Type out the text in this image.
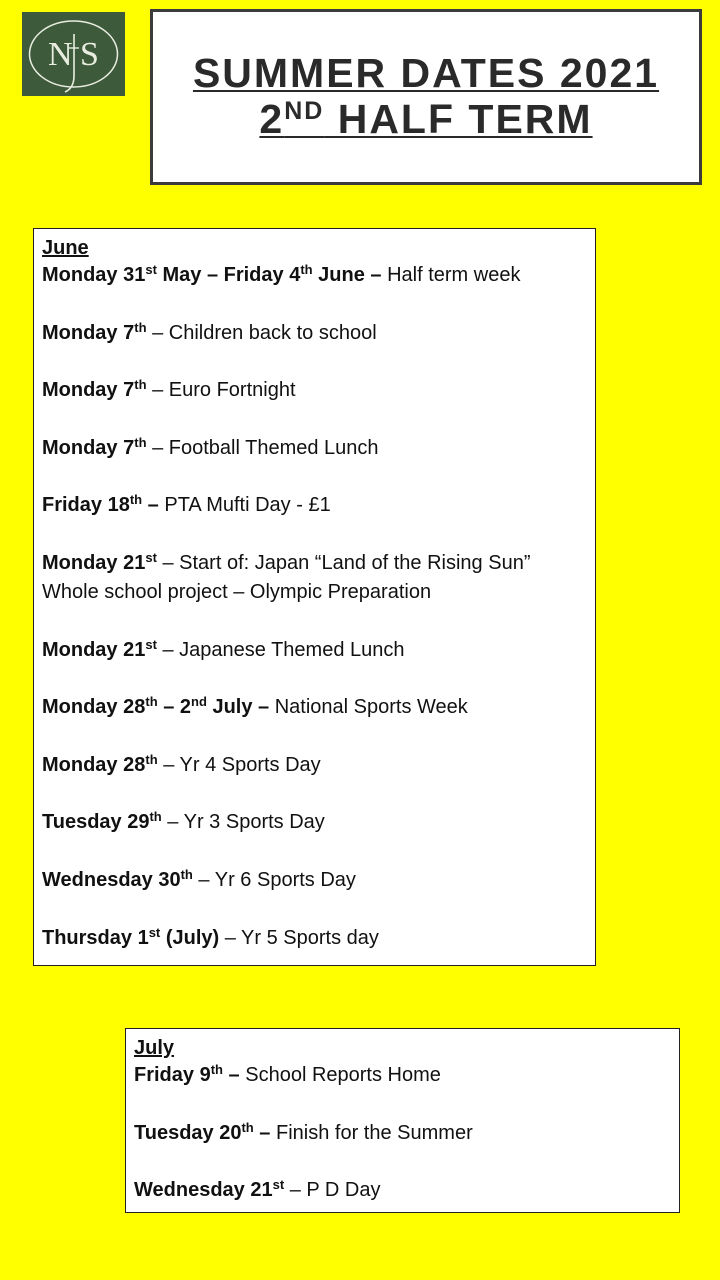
N S	SUMMER DATES 2021
2ND HALF TERM
June
Monday 31st May – Friday 4th June – Half term week
Monday 7th – Children back to school
Monday 7th – Euro Fortnight
Monday 7th – Football Themed Lunch
Friday 18th – PTA Mufti Day - £1
Monday 21st – Start of: Japan “Land of the Rising Sun”
Whole school project – Olympic Preparation
Monday 21st – Japanese Themed Lunch
Monday 28th – 2nd July – National Sports Week
Monday 28th – Yr 4 Sports Day
Tuesday 29th – Yr 3 Sports Day
Wednesday 30th – Yr 6 Sports Day
Thursday 1st (July) – Yr 5 Sports day
July
Friday 9th – School Reports Home
Tuesday 20th – Finish for the Summer
Wednesday 21st – P D Day
